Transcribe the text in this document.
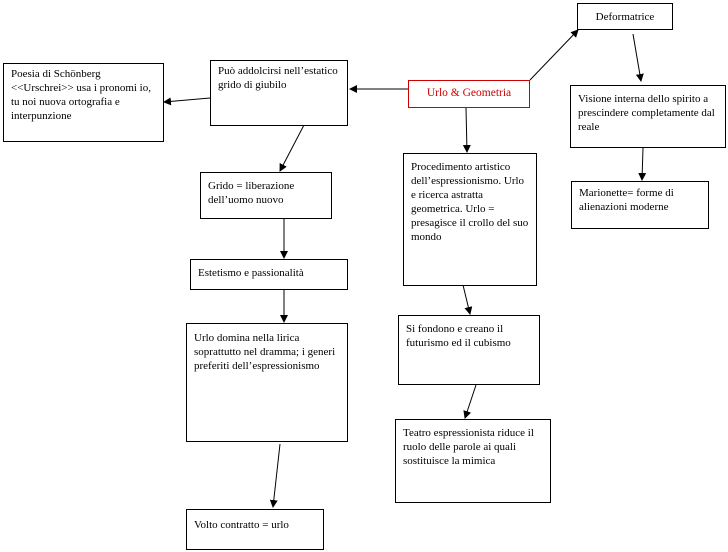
Deformatrice
Urlo & Geometria
Può addolcirsi nell’estatico grido di giubilo
Poesia di Schönberg <<Urschrei>> usa i pronomi io, tu noi nuova ortografia e interpunzione
Grido = liberazione dell’uomo nuovo
Estetismo e passionalità
Urlo domina nella lirica soprattutto nel dramma; i generi preferiti dell’espressionismo
Volto contratto = urlo
Procedimento artistico dell’espressionismo. Urlo e ricerca astratta geometrica. Urlo = presagisce il crollo del suo mondo
Si fondono e creano il futurismo ed il cubismo
Teatro espressionista riduce il ruolo delle parole ai quali sostituisce la mimica
Visione interna dello spirito a prescindere completamente dal reale
Marionette= forme di alienazioni moderne
